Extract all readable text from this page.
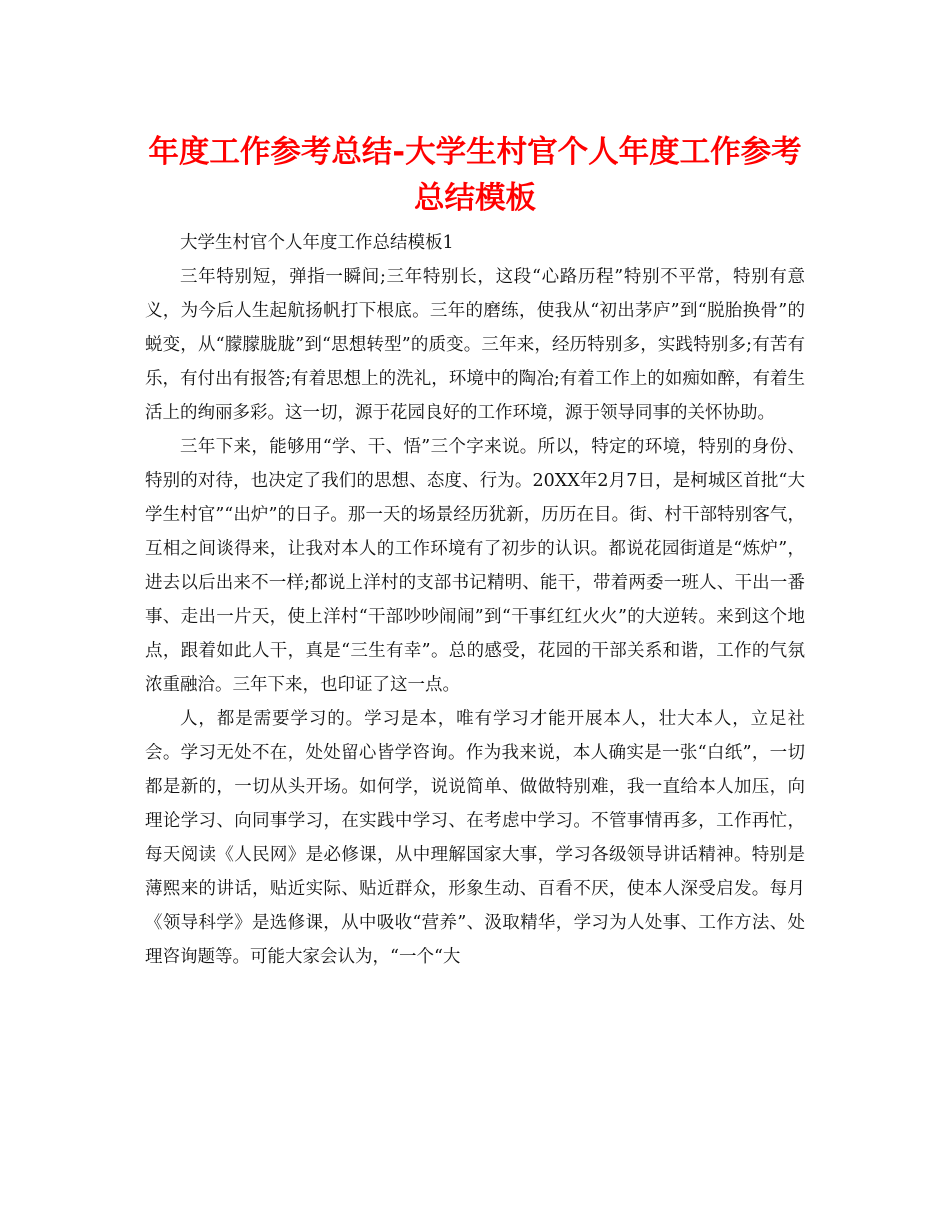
年度工作参考总结-大学生村官个人年度工作参考总结模板

大学生村官个人年度工作总结模板1

三年特别短，弹指一瞬间;三年特别长，这段“心路历程”特别不平常，特别有意义，为今后人生起航扬帆打下根底。三年的磨练，使我从“初出茅庐”到“脱胎换骨”的蜕变，从“朦朦胧胧”到“思想转型”的质变。三年来，经历特别多，实践特别多;有苦有乐，有付出有报答;有着思想上的洗礼，环境中的陶冶;有着工作上的如痴如醉，有着生活上的绚丽多彩。这一切，源于花园良好的工作环境，源于领导同事的关怀协助。

三年下来，能够用“学、干、悟”三个字来说。所以，特定的环境，特别的身份、特别的对待，也决定了我们的思想、态度、行为。20XX年2月7日，是柯城区首批“大学生村官”“出炉”的日子。那一天的场景经历犹新，历历在目。街、村干部特别客气，互相之间谈得来，让我对本人的工作环境有了初步的认识。都说花园街道是“炼炉”，进去以后出来不一样;都说上洋村的支部书记精明、能干，带着两委一班人、干出一番事、走出一片天，使上洋村“干部吵吵闹闹”到“干事红红火火”的大逆转。来到这个地点，跟着如此人干，真是“三生有幸”。总的感受，花园的干部关系和谐，工作的气氛浓重融洽。三年下来，也印证了这一点。

人，都是需要学习的。学习是本，唯有学习才能开展本人，壮大本人，立足社会。学习无处不在，处处留心皆学咨询。作为我来说，本人确实是一张“白纸”，一切都是新的，一切从头开场。如何学，说说简单、做做特别难，我一直给本人加压，向理论学习、向同事学习，在实践中学习、在考虑中学习。不管事情再多，工作再忙，每天阅读《人民网》是必修课，从中理解国家大事，学习各级领导讲话精神。特别是薄熙来的讲话，贴近实际、贴近群众，形象生动、百看不厌，使本人深受启发。每月《领导科学》是选修课，从中吸收“营养”、汲取精华，学习为人处事、工作方法、处理咨询题等。可能大家会认为，“一个“大
